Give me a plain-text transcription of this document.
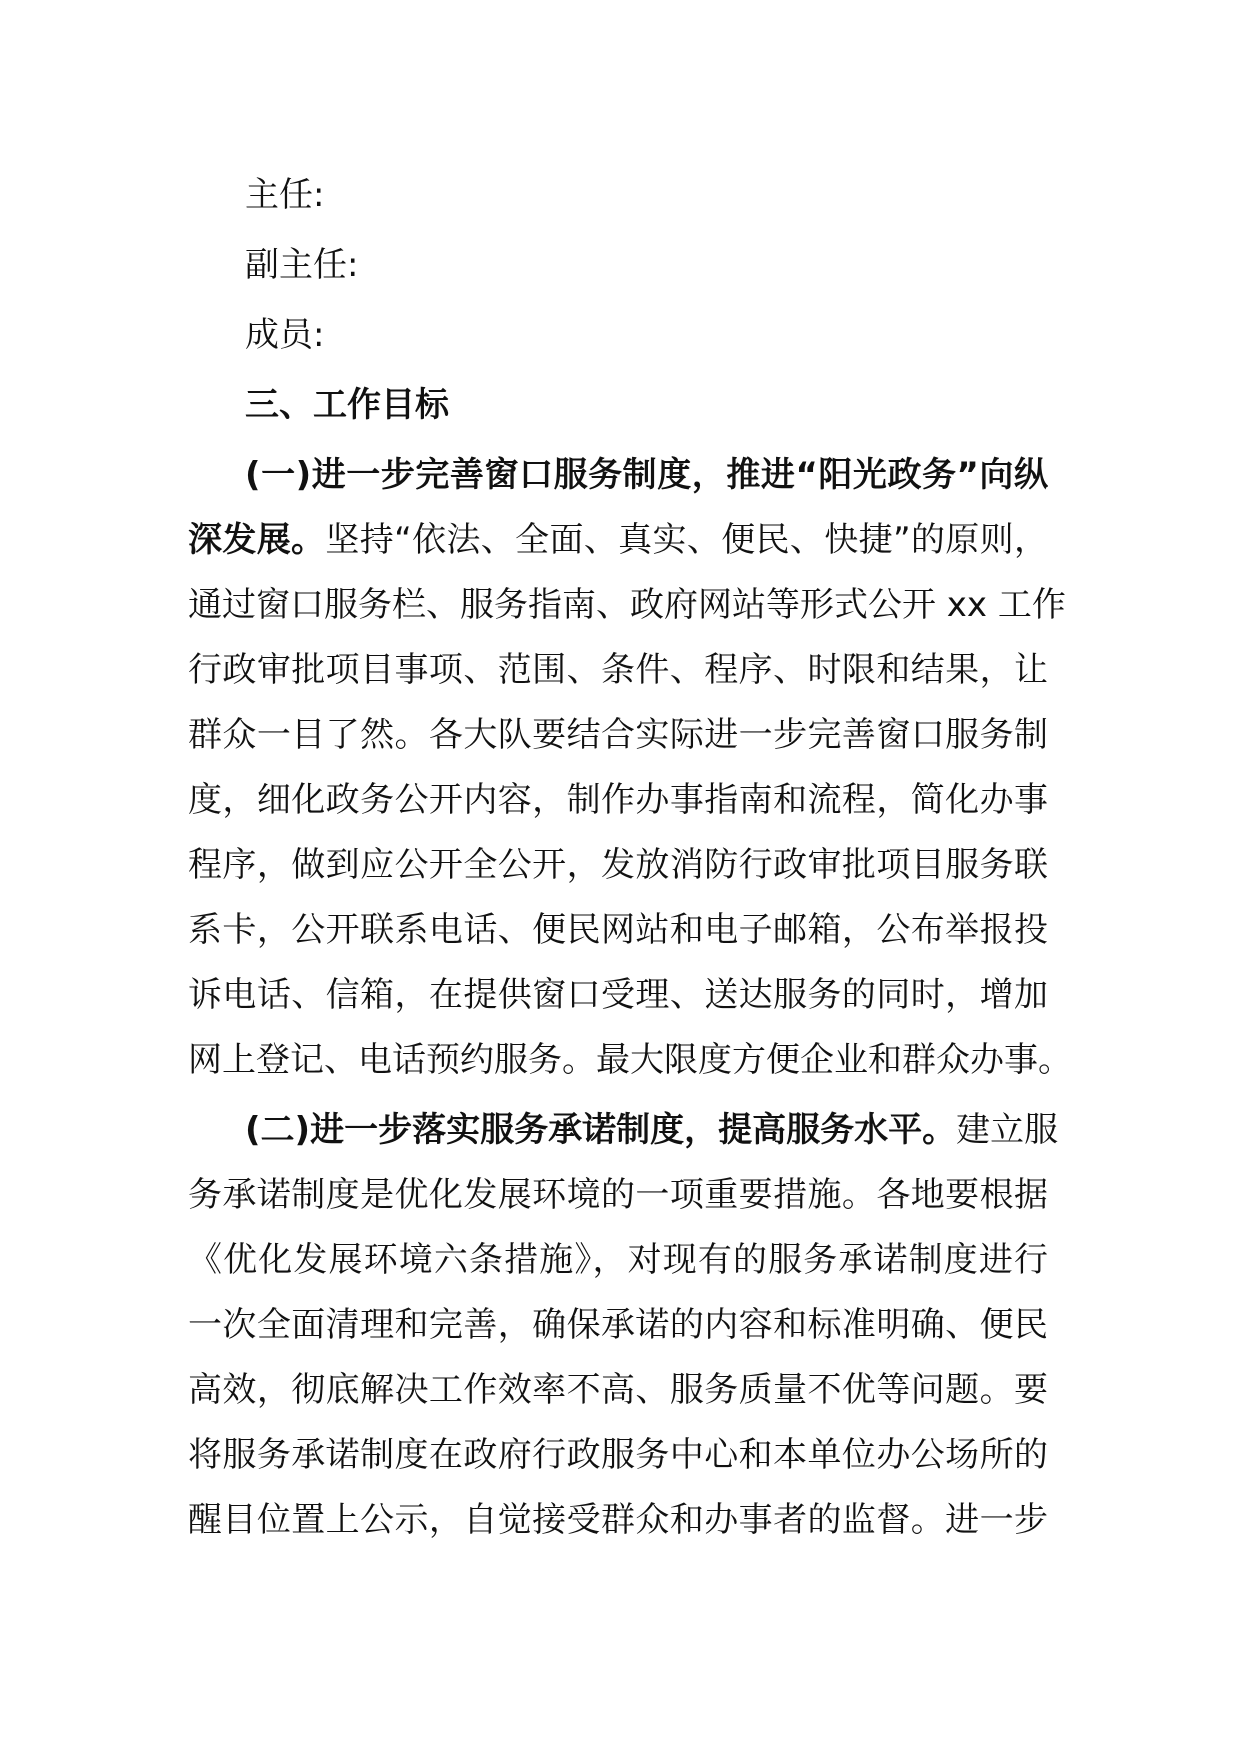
主任:
副主任:
成员:
三、工作目标
(一)进一步完善窗口服务制度，推进“阳光政务”向纵
深发展。坚持“依法、全面、真实、便民、快捷”的原则，
通过窗口服务栏、服务指南、政府网站等形式公开 xx 工作
行政审批项目事项、范围、条件、程序、时限和结果，让
群众一目了然。各大队要结合实际进一步完善窗口服务制
度，细化政务公开内容，制作办事指南和流程，简化办事
程序，做到应公开全公开，发放消防行政审批项目服务联
系卡，公开联系电话、便民网站和电子邮箱，公布举报投
诉电话、信箱，在提供窗口受理、送达服务的同时，增加
网上登记、电话预约服务。最大限度方便企业和群众办事。
(二)进一步落实服务承诺制度，提高服务水平。建立服
务承诺制度是优化发展环境的一项重要措施。各地要根据
《优化发展环境六条措施》，对现有的服务承诺制度进行
一次全面清理和完善，确保承诺的内容和标准明确、便民
高效，彻底解决工作效率不高、服务质量不优等问题。要
将服务承诺制度在政府行政服务中心和本单位办公场所的
醒目位置上公示，自觉接受群众和办事者的监督。进一步
